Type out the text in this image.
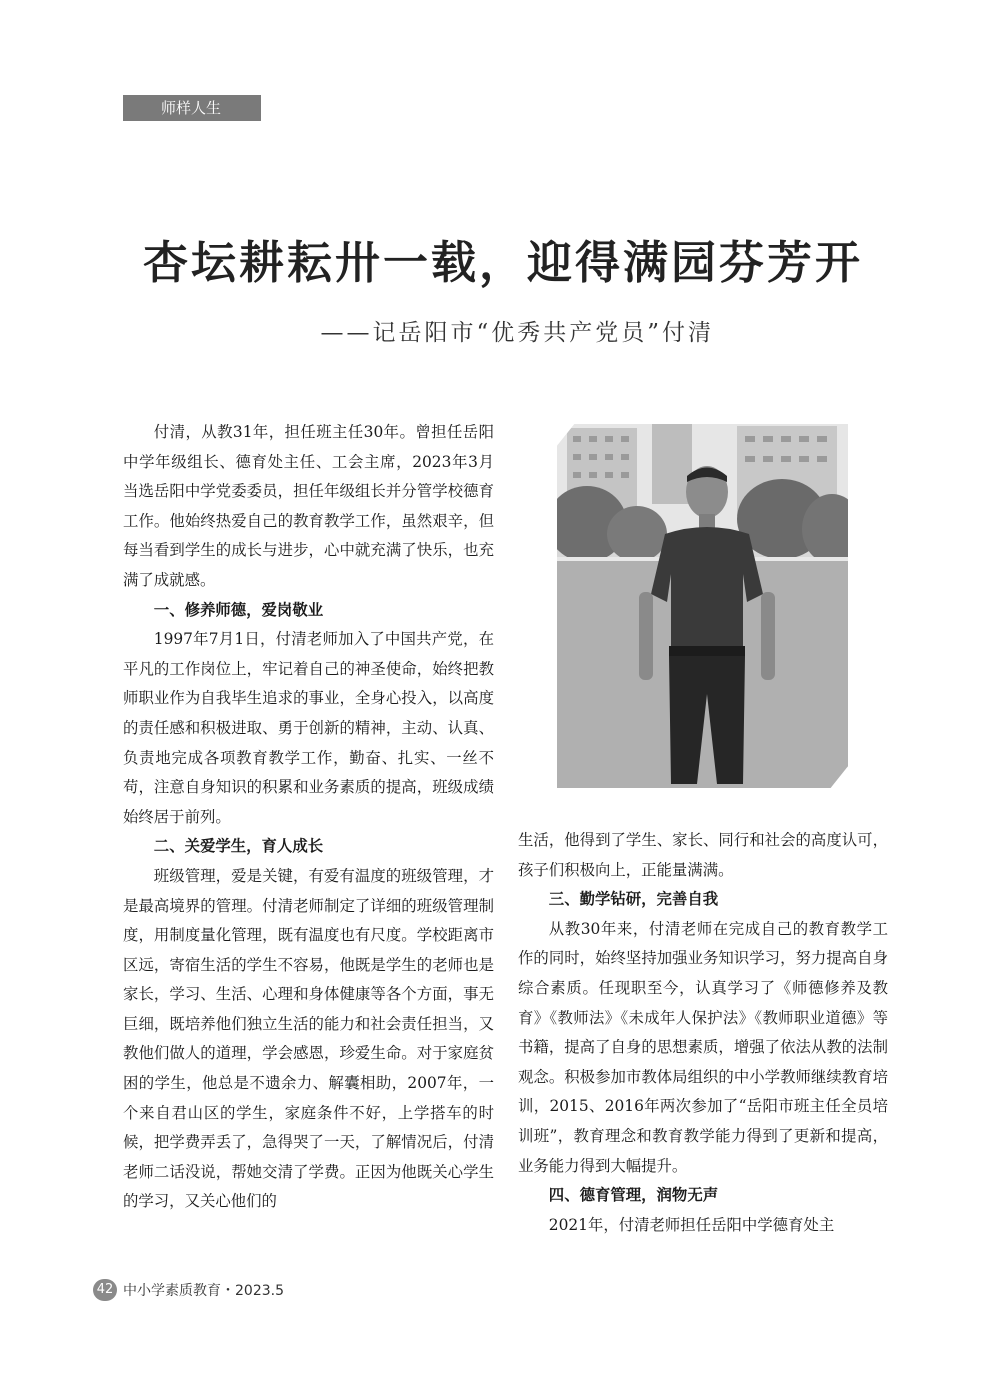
师样人生
杏坛耕耘卅一载，迎得满园芬芳开
——记岳阳市“优秀共产党员”付清

付清，从教31年，担任班主任30年。曾担任岳阳中学年级组长、德育处主任、工会主席，2023年3月当选岳阳中学党委委员，担任年级组长并分管学校德育工作。他始终热爱自己的教育教学工作，虽然艰辛，但每当看到学生的成长与进步，心中就充满了快乐，也充满了成就感。

一、修养师德，爱岗敬业

1997年7月1日，付清老师加入了中国共产党，在平凡的工作岗位上，牢记着自己的神圣使命，始终把教师职业作为自我毕生追求的事业，全身心投入，以高度的责任感和积极进取、勇于创新的精神，主动、认真、负责地完成各项教育教学工作，勤奋、扎实、一丝不苟，注意自身知识的积累和业务素质的提高，班级成绩始终居于前列。

二、关爱学生，育人成长

班级管理，爱是关键，有爱有温度的班级管理，才是最高境界的管理。付清老师制定了详细的班级管理制度，用制度量化管理，既有温度也有尺度。学校距离市区远，寄宿生活的学生不容易，他既是学生的老师也是家长，学习、生活、心理和身体健康等各个方面，事无巨细，既培养他们独立生活的能力和社会责任担当，又教他们做人的道理，学会感恩，珍爱生命。对于家庭贫困的学生，他总是不遗余力、解囊相助，2007年，一个来自君山区的学生，家庭条件不好，上学搭车的时候，把学费弄丢了，急得哭了一天，了解情况后，付清老师二话没说，帮她交清了学费。正因为他既关心学生的学习，又关心他们的

生活，他得到了学生、家长、同行和社会的高度认可，孩子们积极向上，正能量满满。

三、勤学钻研，完善自我

从教30年来，付清老师在完成自己的教育教学工作的同时，始终坚持加强业务知识学习，努力提高自身综合素质。任现职至今，认真学习了《师德修养及教育》《教师法》《未成年人保护法》《教师职业道德》等书籍，提高了自身的思想素质，增强了依法从教的法制观念。积极参加市教体局组织的中小学教师继续教育培训，2015、2016年两次参加了“岳阳市班主任全员培训班”，教育理念和教育教学能力得到了更新和提高，业务能力得到大幅提升。

四、德育管理，润物无声

2021年，付清老师担任岳阳中学德育处主

42 中小学素质教育・2023.5
